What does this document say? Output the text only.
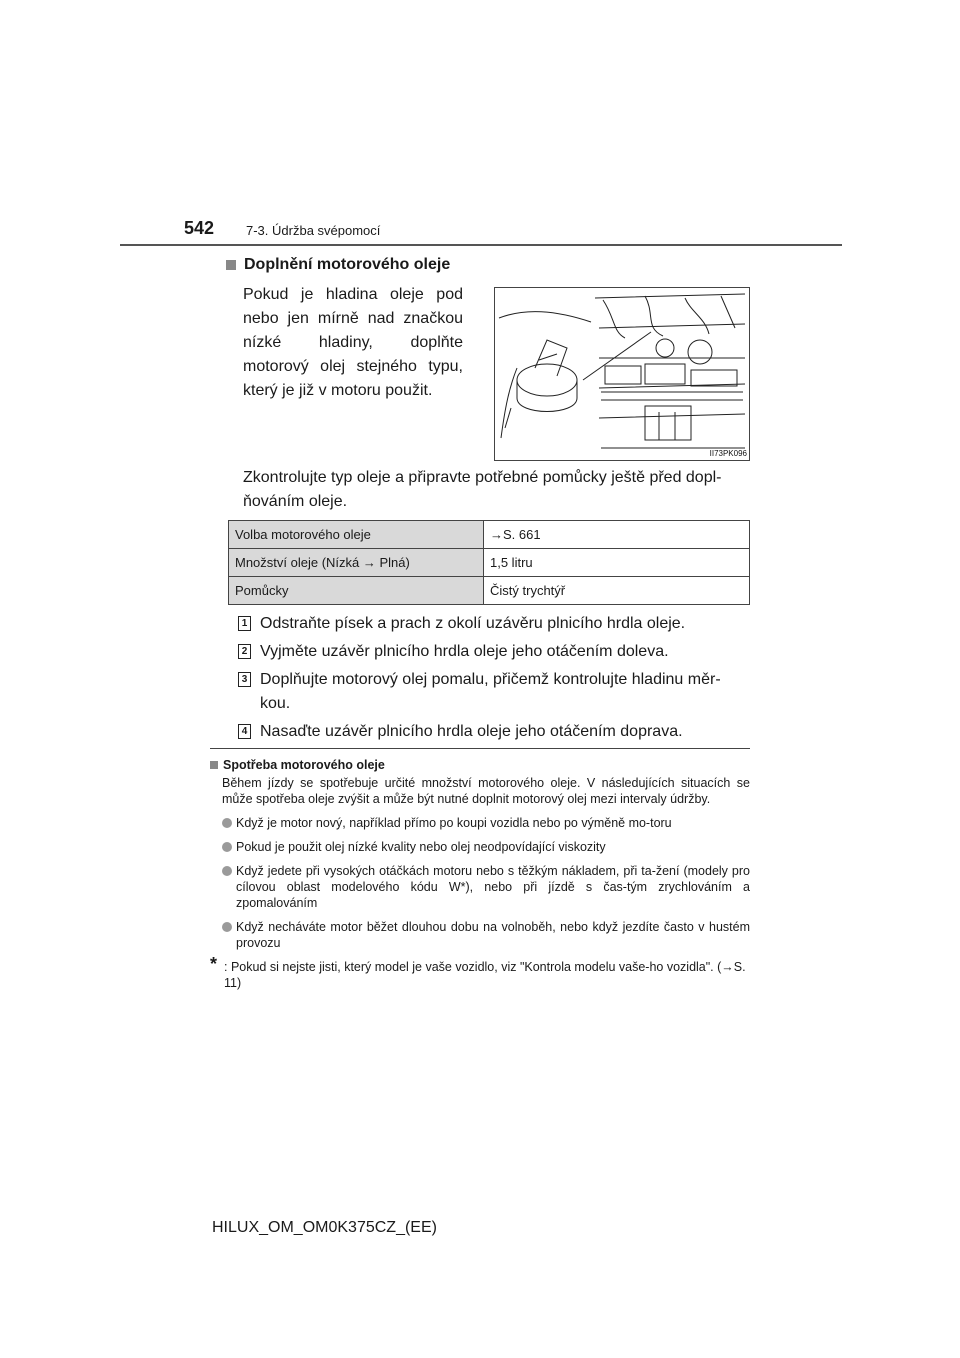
542 7-3. Údržba svépomocí
Doplnění motorového oleje
Pokud je hladina oleje pod nebo jen mírně nad značkou nízké hladiny, doplňte motorový olej stejného typu, který je již v motoru použit.
II73PK096
Zkontrolujte typ oleje a připravte potřebné pomůcky ještě před dopl-ňováním oleje.
Volba motorového oleje	→S. 661
Množství oleje (Nízká → Plná)	1,5 litru
Pomůcky	Čistý trychtýř
1 Odstraňte písek a prach z okolí uzávěru plnicího hrdla oleje.
2 Vyjměte uzávěr plnicího hrdla oleje jeho otáčením doleva.
3 Doplňujte motorový olej pomalu, přičemž kontrolujte hladinu měr-kou.
4 Nasaďte uzávěr plnicího hrdla oleje jeho otáčením doprava.
Spotřeba motorového oleje
Během jízdy se spotřebuje určité množství motorového oleje. V následujících situacích se může spotřeba oleje zvýšit a může být nutné doplnit motorový olej mezi intervaly údržby.
Když je motor nový, například přímo po koupi vozidla nebo po výměně mo-toru
Pokud je použit olej nízké kvality nebo olej neodpovídající viskozity
Když jedete při vysokých otáčkách motoru nebo s těžkým nákladem, při ta-žení (modely pro cílovou oblast modelového kódu W*), nebo při jízdě s čas-tým zrychlováním a zpomalováním
Když necháváte motor běžet dlouhou dobu na volnoběh, nebo když jezdíte často v hustém provozu
* : Pokud si nejste jisti, který model je vaše vozidlo, viz "Kontrola modelu vaše-ho vozidla". (→S. 11)
HILUX_OM_OM0K375CZ_(EE)
